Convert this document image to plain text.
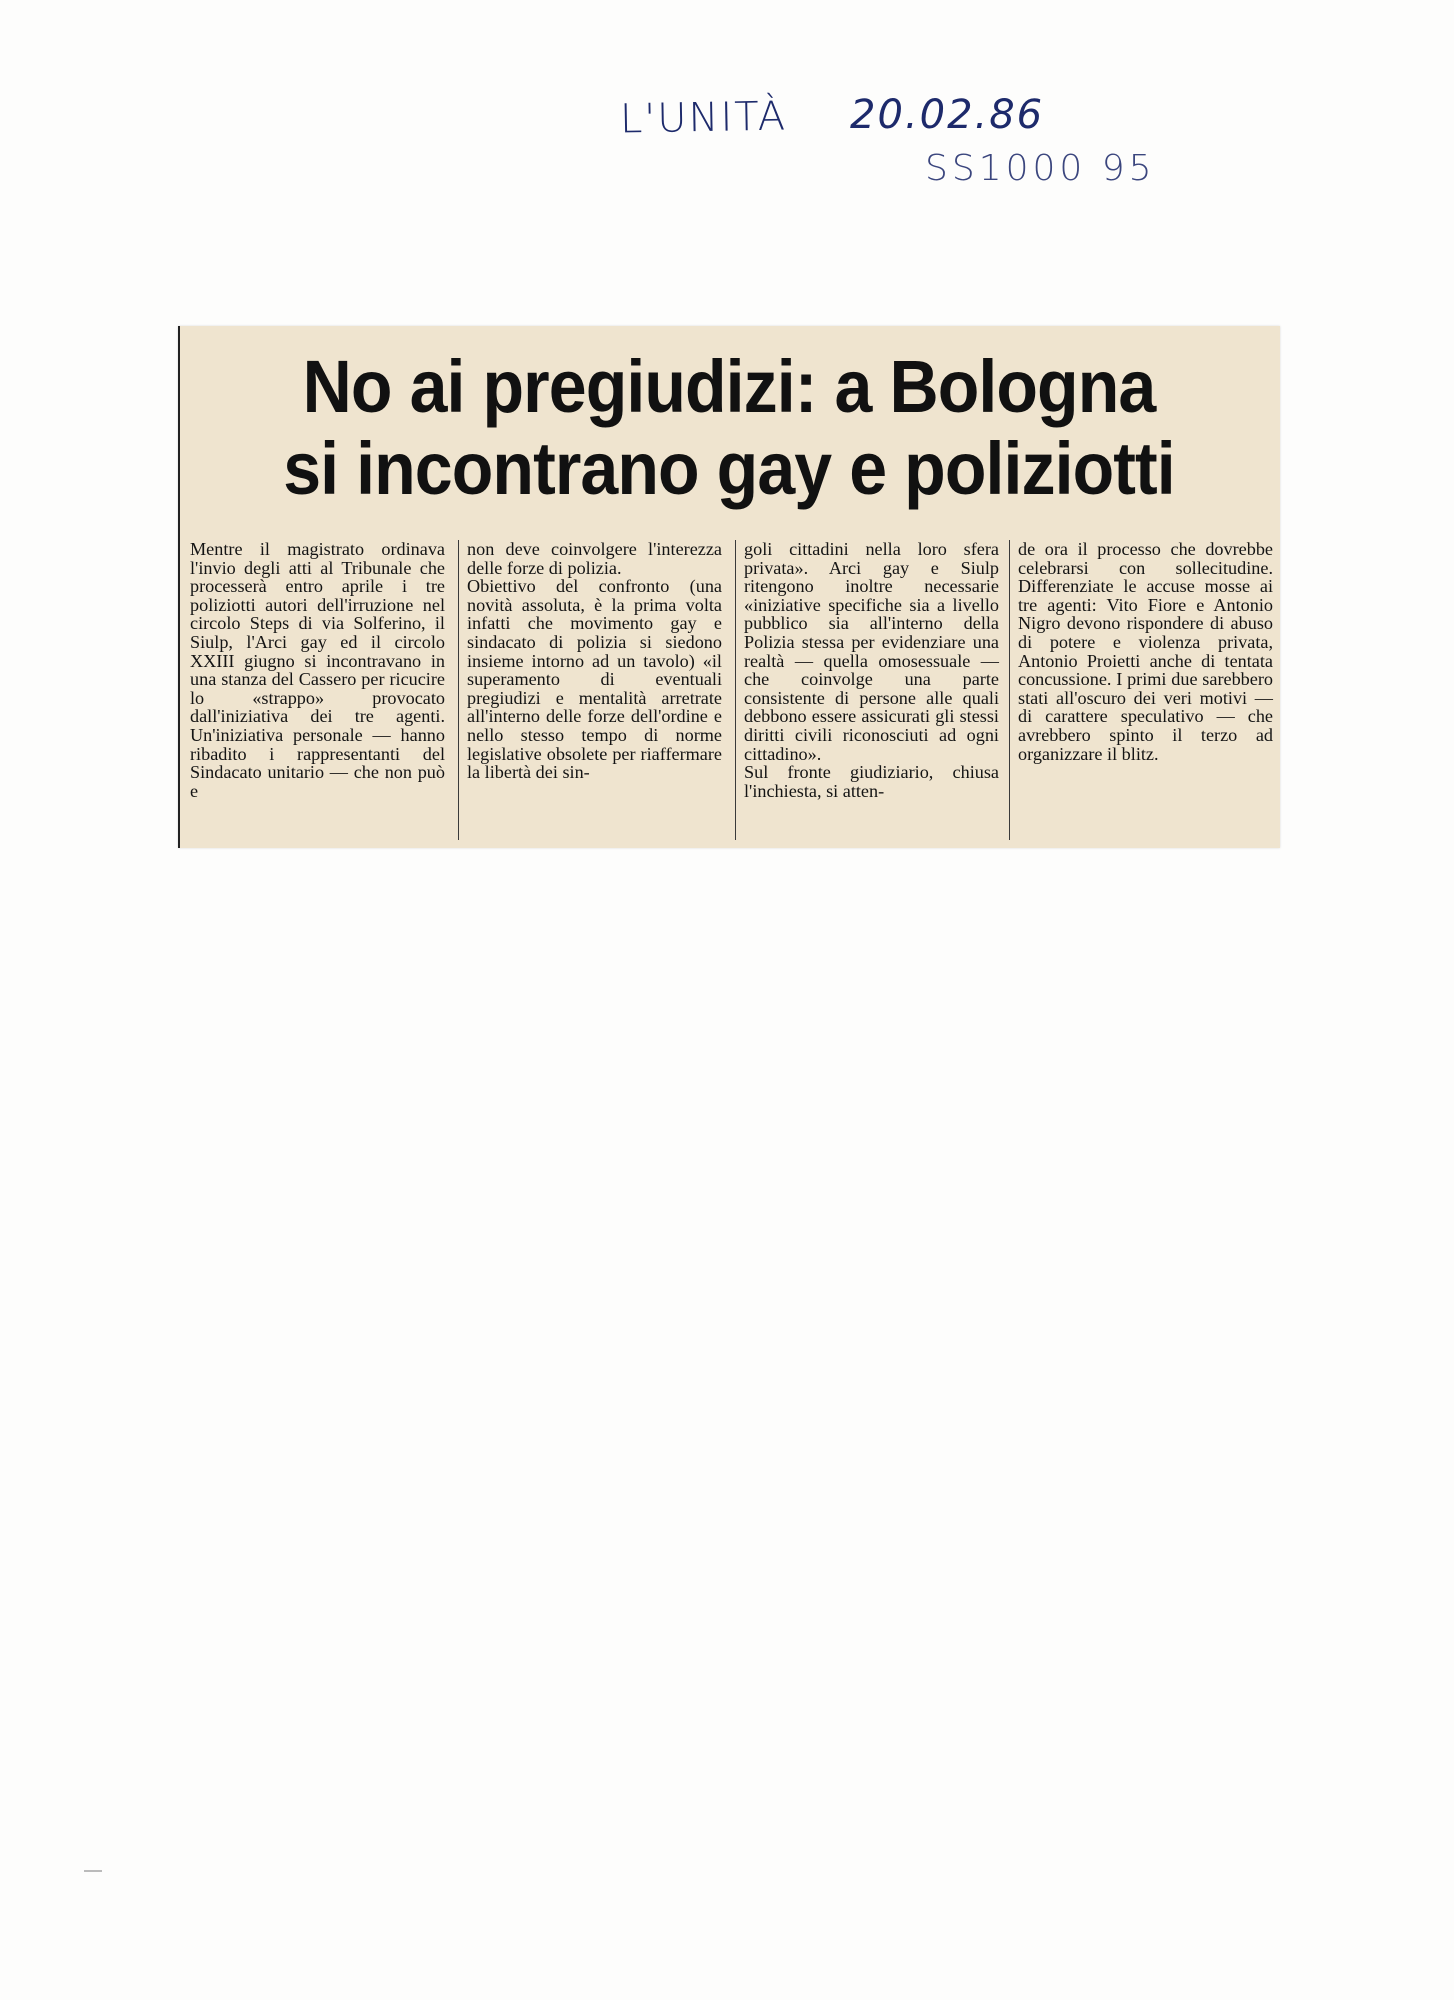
L'UNITÀ 20.02.86
SS1000 95
No ai pregiudizi: a Bologna
si incontrano gay e poliziotti

Mentre il magistrato ordinava l'invio degli atti al Tribunale che processerà entro aprile i tre poliziotti autori dell'irruzione nel circolo Steps di via Solferino, il Siulp, l'Arci gay ed il circolo XXIII giugno si incontravano in una stanza del Cassero per ricucire lo «strappo» provocato dall'iniziativa dei tre agenti. Un'iniziativa personale — hanno ribadito i rappresentanti del Sindacato unitario — che non può e

non deve coinvolgere l'interezza delle forze di polizia.
Obiettivo del confronto (una novità assoluta, è la prima volta infatti che movimento gay e sindacato di polizia si siedono insieme intorno ad un tavolo) «il superamento di eventuali pregiudizi e mentalità arretrate all'interno delle forze dell'ordine e nello stesso tempo di norme legislative obsolete per riaffermare la libertà dei sin-

goli cittadini nella loro sfera privata». Arci gay e Siulp ritengono inoltre necessarie «iniziative specifiche sia a livello pubblico sia all'interno della Polizia stessa per evidenziare una realtà — quella omosessuale — che coinvolge una parte consistente di persone alle quali debbono essere assicurati gli stessi diritti civili riconosciuti ad ogni cittadino».
Sul fronte giudiziario, chiusa l'inchiesta, si atten-

de ora il processo che dovrebbe celebrarsi con sollecitudine. Differenziate le accuse mosse ai tre agenti: Vito Fiore e Antonio Nigro devono rispondere di abuso di potere e violenza privata, Antonio Proietti anche di tentata concussione. I primi due sarebbero stati all'oscuro dei veri motivi — di carattere speculativo — che avrebbero spinto il terzo ad organizzare il blitz.
